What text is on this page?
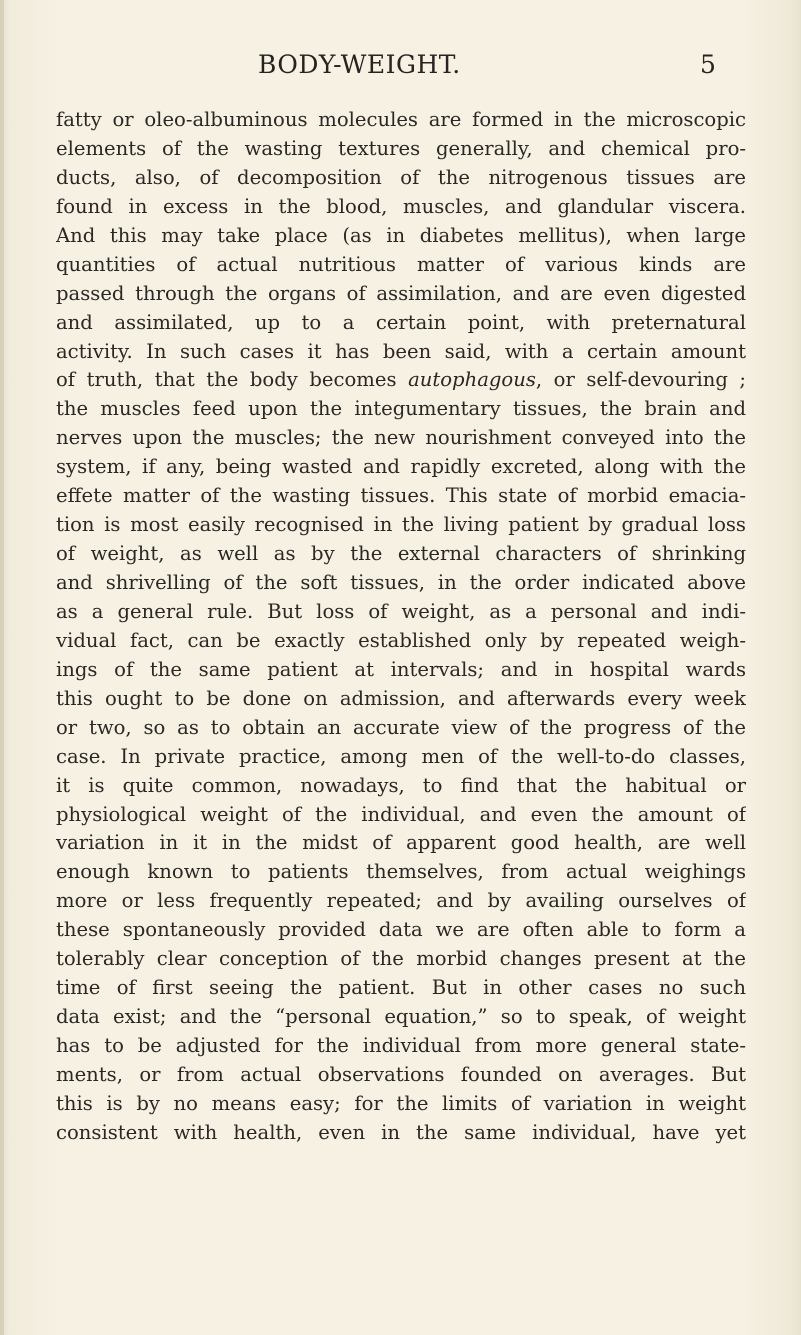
BODY-WEIGHT.	5
fatty or oleo-albuminous molecules are formed in the microscopic
elements of the wasting textures generally, and chemical pro-
ducts, also, of decomposition of the nitrogenous tissues are
found in excess in the blood, muscles, and glandular viscera.
And this may take place (as in diabetes mellitus), when large
quantities of actual nutritious matter of various kinds are
passed through the organs of assimilation, and are even digested
and assimilated, up to a certain point, with preternatural
activity. In such cases it has been said, with a certain amount
of truth, that the body becomes autophagous, or self-devouring ;
the muscles feed upon the integumentary tissues, the brain and
nerves upon the muscles; the new nourishment conveyed into the
system, if any, being wasted and rapidly excreted, along with the
effete matter of the wasting tissues. This state of morbid emacia-
tion is most easily recognised in the living patient by gradual loss
of weight, as well as by the external characters of shrinking
and shrivelling of the soft tissues, in the order indicated above
as a general rule. But loss of weight, as a personal and indi-
vidual fact, can be exactly established only by repeated weigh-
ings of the same patient at intervals; and in hospital wards
this ought to be done on admission, and afterwards every week
or two, so as to obtain an accurate view of the progress of the
case. In private practice, among men of the well-to-do classes,
it is quite common, nowadays, to find that the habitual or
physiological weight of the individual, and even the amount of
variation in it in the midst of apparent good health, are well
enough known to patients themselves, from actual weighings
more or less frequently repeated; and by availing ourselves of
these spontaneously provided data we are often able to form a
tolerably clear conception of the morbid changes present at the
time of first seeing the patient. But in other cases no such
data exist; and the “personal equation,” so to speak, of weight
has to be adjusted for the individual from more general state-
ments, or from actual observations founded on averages. But
this is by no means easy; for the limits of variation in weight
consistent with health, even in the same individual, have yet
